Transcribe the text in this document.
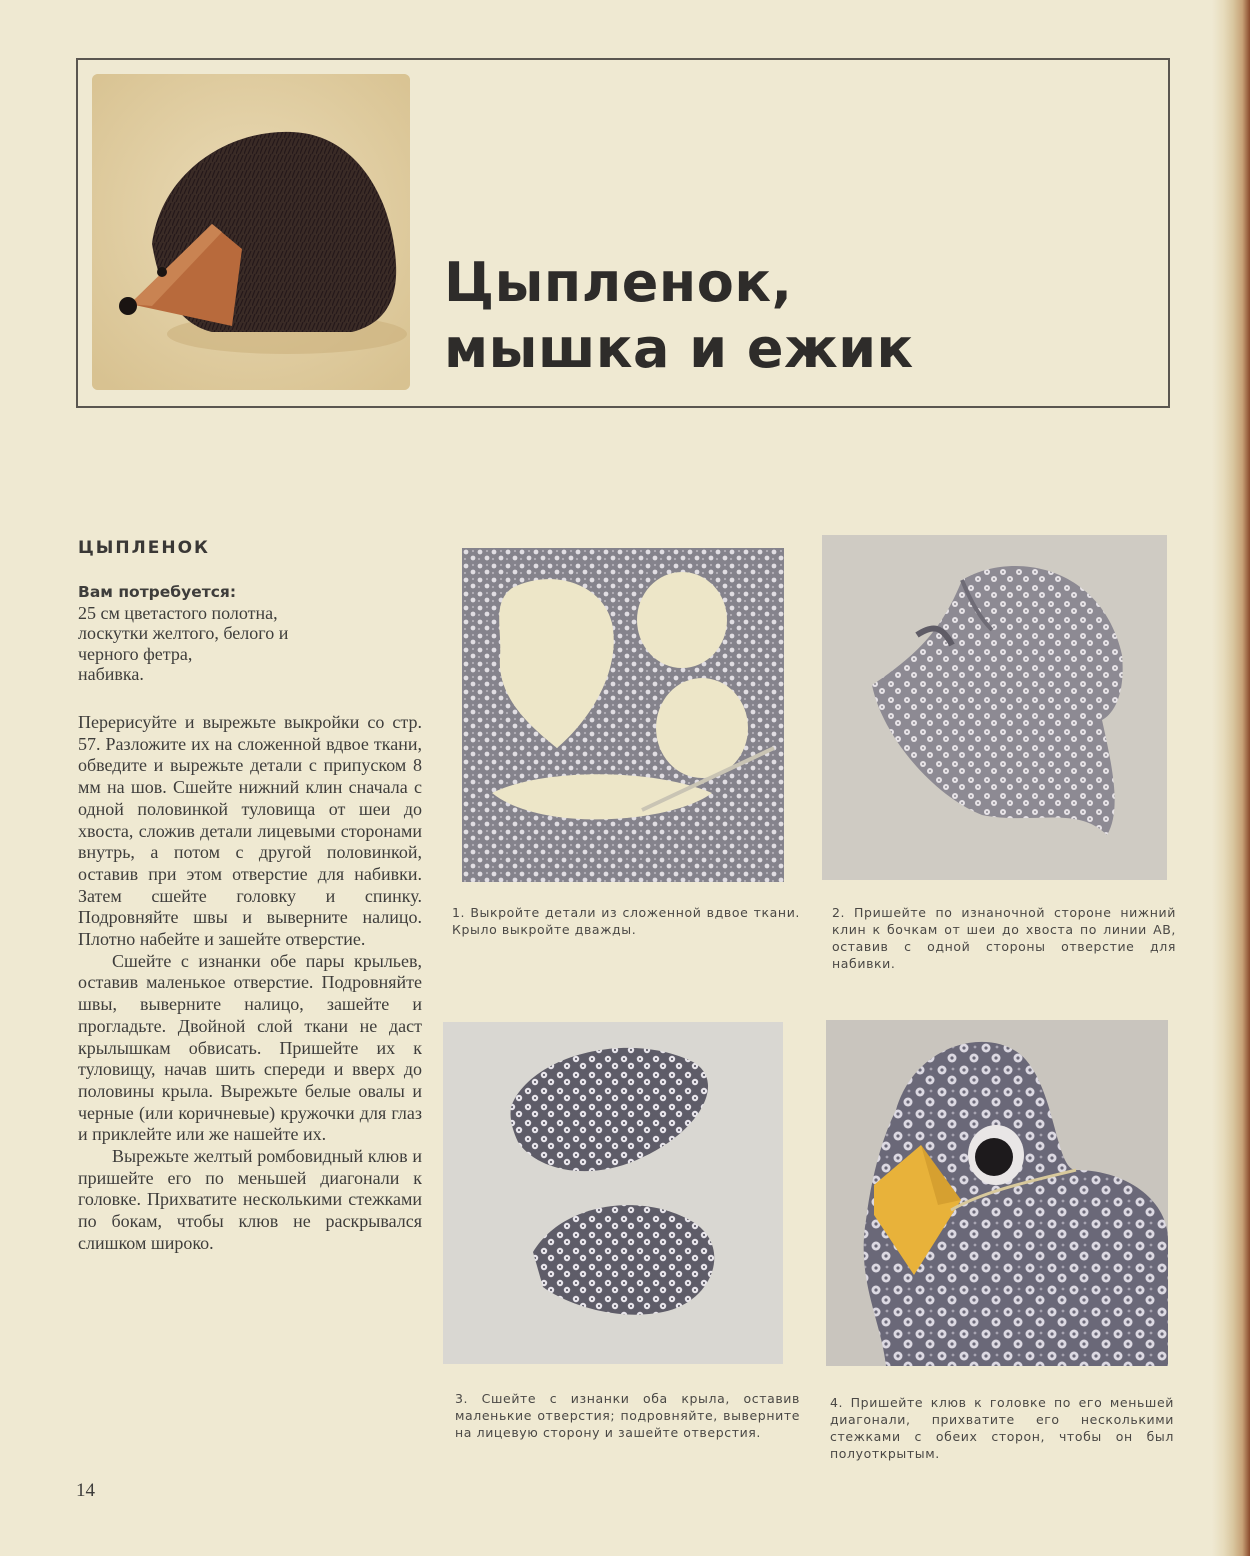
Цыпленок,
мышка и ежик
ЦЫПЛЕНОК
Вам потребуется:
25 см цветастого полотна,
лоскутки желтого, белого и
черного фетра,
набивка.

Перерисуйте и вырежьте выкройки со стр. 57. Разложите их на сложенной вдвое ткани, обведите и вырежьте детали с припуском 8 мм на шов. Сшейте нижний клин сначала с одной половинкой туловища от шеи до хвоста, сложив детали лицевыми сторонами внутрь, а потом с другой половинкой, оставив при этом отверстие для набивки. Затем сшейте головку и спинку. Подровняйте швы и выверните налицо. Плотно набейте и зашейте отверстие.

Сшейте с изнанки обе пары крыльев, оставив маленькое отверстие. Подровняйте швы, выверните налицо, зашейте и прогладьте. Двойной слой ткани не даст крылышкам обвисать. Пришейте их к туловищу, начав шить спереди и вверх до половины крыла. Вырежьте белые овалы и черные (или коричневые) кружочки для глаз и приклейте или же нашейте их.

Вырежьте желтый ромбовидный клюв и пришейте его по меньшей диагонали к головке. Прихватите несколькими стежками по бокам, чтобы клюв не раскрывался слишком широко.

1. Выкройте детали из сложенной вдвое ткани. Крыло выкройте дважды.

2. Пришейте по изнаночной стороне нижний клин к бочкам от шеи до хвоста по линии AB, оставив с одной стороны отверстие для набивки.

3. Сшейте с изнанки оба крыла, оставив маленькие отверстия; подровняйте, выверните на лицевую сторону и зашейте отверстия.

4. Пришейте клюв к головке по его меньшей диагонали, прихватите его несколькими стежками с обеих сторон, чтобы он был полуоткрытым.

14
